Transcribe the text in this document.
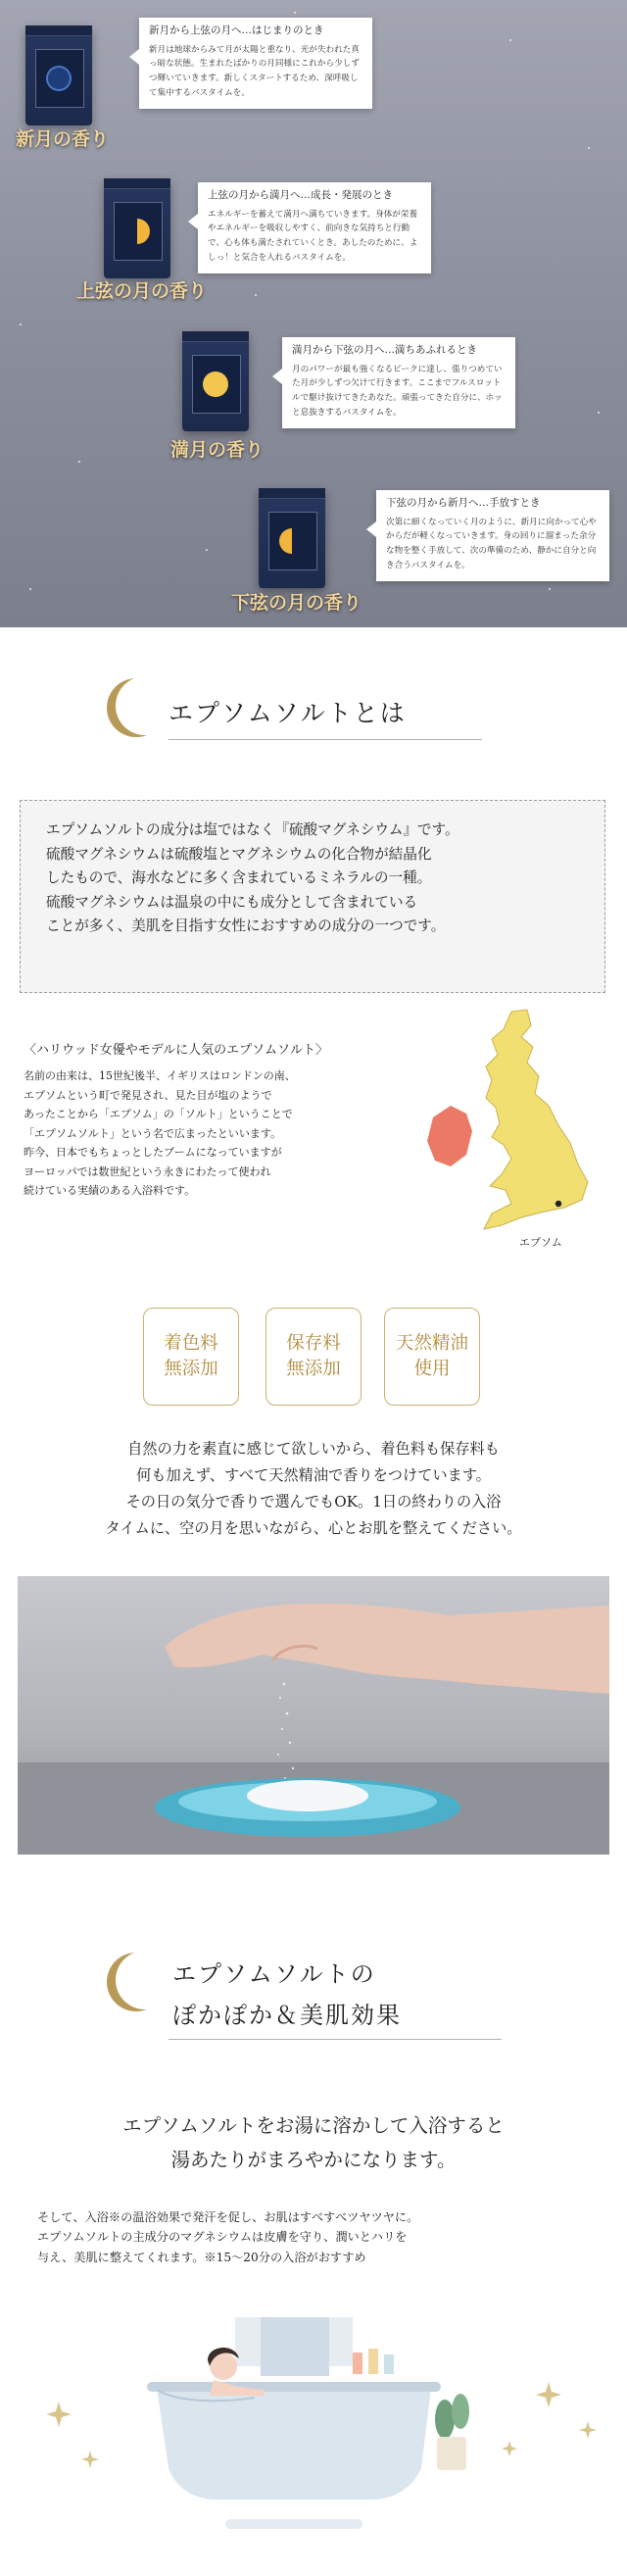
新月の香り
新月から上弦の月へ…はじまりのとき
新月は地球からみて月が太陽と重なり、光が失われた真っ暗な状態。生まれたばかりの月同様にこれから少しずつ輝いていきます。新しくスタートするため、深呼吸して集中するバスタイムを。
上弦の月の香り
上弦の月から満月へ…成長・発展のとき
エネルギーを蓄えて満月へ満ちていきます。身体が栄養やエネルギーを吸収しやすく、前向きな気持ちと行動で、心も体も満たされていくとき。あしたのために、よしっ！と気合を入れるバスタイムを。
満月の香り
満月から下弦の月へ…満ちあふれるとき
月のパワーが最も強くなるピークに達し、張りつめていた月が少しずつ欠けて行きます。ここまでフルスロットルで駆け抜けてきたあなた。頑張ってきた自分に、ホッと息抜きするバスタイムを。
下弦の月の香り
下弦の月から新月へ…手放すとき
次第に細くなっていく月のように、新月に向かって心やからだが軽くなっていきます。身の回りに溜まった余分な物を整く手放して、次の準備のため、静かに自分と向き合うバスタイムを。
エプソムソルトとは

エプソムソルトの成分は塩ではなく『硫酸マグネシウム』です。
硫酸マグネシウムは硫酸塩とマグネシウムの化合物が結晶化
したもので、海水などに多く含まれているミネラルの一種。
硫酸マグネシウムは温泉の中にも成分として含まれている
ことが多く、美肌を目指す女性におすすめの成分の一つです。

〈ハリウッド女優やモデルに人気のエプソムソルト〉

名前の由来は、15世紀後半、イギリスはロンドンの南、
エプソムという町で発見され、見た目が塩のようで
あったことから「エプソム」の「ソルト」ということで
「エプソムソルト」という名で広まったといいます。
昨今、日本でもちょっとしたブームになっていますが
ヨーロッパでは数世紀という永きにわたって使われ
続けている実績のある入浴料です。

エプソム
着色料
無添加
保存料
無添加
天然精油
使用

自然の力を素直に感じて欲しいから、着色料も保存料も
何も加えず、すべて天然精油で香りをつけています。
その日の気分で香りで選んでもOK。1日の終わりの入浴
タイムに、空の月を思いながら、心とお肌を整えてください。

エプソムソルトの
ぽかぽか＆美肌効果

エプソムソルトをお湯に溶かして入浴すると
湯あたりがまろやかになります。

そして、入浴※の温浴効果で発汗を促し、お肌はすべすべツヤツヤに。
エプソムソルトの主成分のマグネシウムは皮膚を守り、潤いとハリを
与え、美肌に整えてくれます。※15～20分の入浴がおすすめ
